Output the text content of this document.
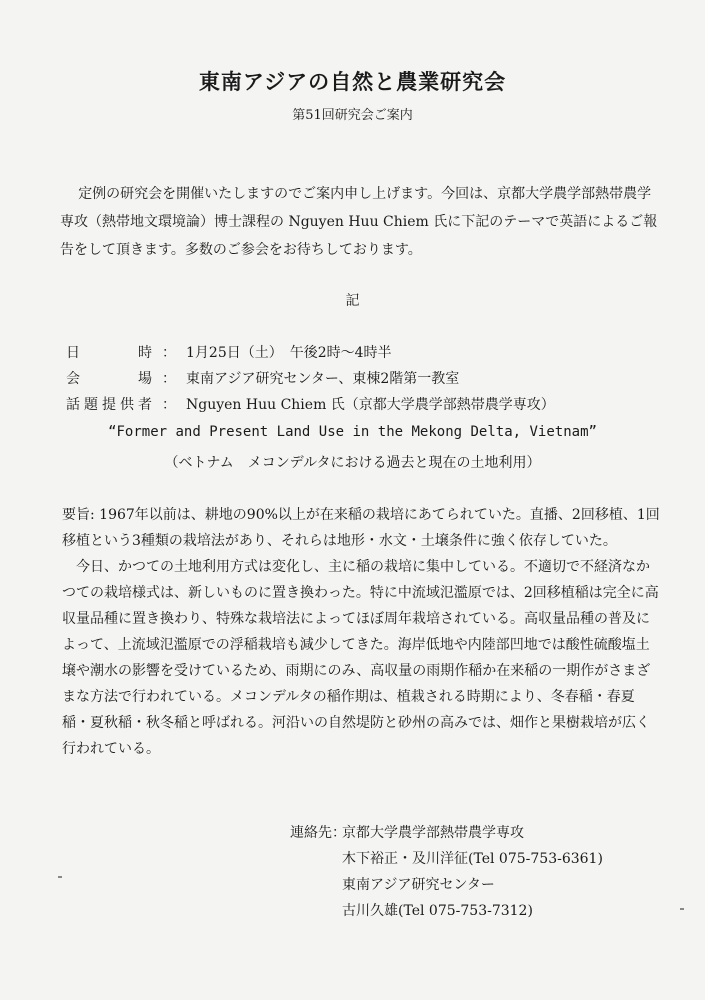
東南アジアの自然と農業研究会
第51回研究会ご案内

定例の研究会を開催いたしますのでご案内申し上げます。今回は、京都大学農学部熱帯農学専攻（熱帯地文環境論）博士課程の Nguyen Huu Chiem 氏に下記のテーマで英語によるご報告をして頂きます。多数のご参会をお待ちしております。

記
日時 ： 1月25日（土）　午後2時〜4時半
会場 ： 東南アジア研究センター、東棟2階第一教室
話題提供者 ： Nguyen Huu Chiem 氏（京都大学農学部熱帯農学専攻）
“Former and Present Land Use in the Mekong Delta, Vietnam”
（ベトナム　メコンデルタにおける過去と現在の土地利用）

要旨: 1967年以前は、耕地の90%以上が在来稲の栽培にあてられていた。直播、2回移植、1回移植という3種類の栽培法があり、それらは地形・水文・土壌条件に強く依存していた。

今日、かつての土地利用方式は変化し、主に稲の栽培に集中している。不適切で不経済なかつての栽培様式は、新しいものに置き換わった。特に中流域氾濫原では、2回移植稲は完全に高収量品種に置き換わり、特殊な栽培法によってほぼ周年栽培されている。高収量品種の普及によって、上流域氾濫原での浮稲栽培も減少してきた。海岸低地や内陸部凹地では酸性硫酸塩土壌や潮水の影響を受けているため、雨期にのみ、高収量の雨期作稲か在来稲の一期作がさまざまな方法で行われている。メコンデルタの稲作期は、植栽される時期により、冬春稲・春夏稲・夏秋稲・秋冬稲と呼ばれる。河沿いの自然堤防と砂州の高みでは、畑作と果樹栽培が広く行われている。

連絡先：京都大学農学部熱帯農学専攻
木下裕正・及川洋征(Tel 075-753-6361)
東南アジア研究センター
古川久雄(Tel 075-753-7312)
